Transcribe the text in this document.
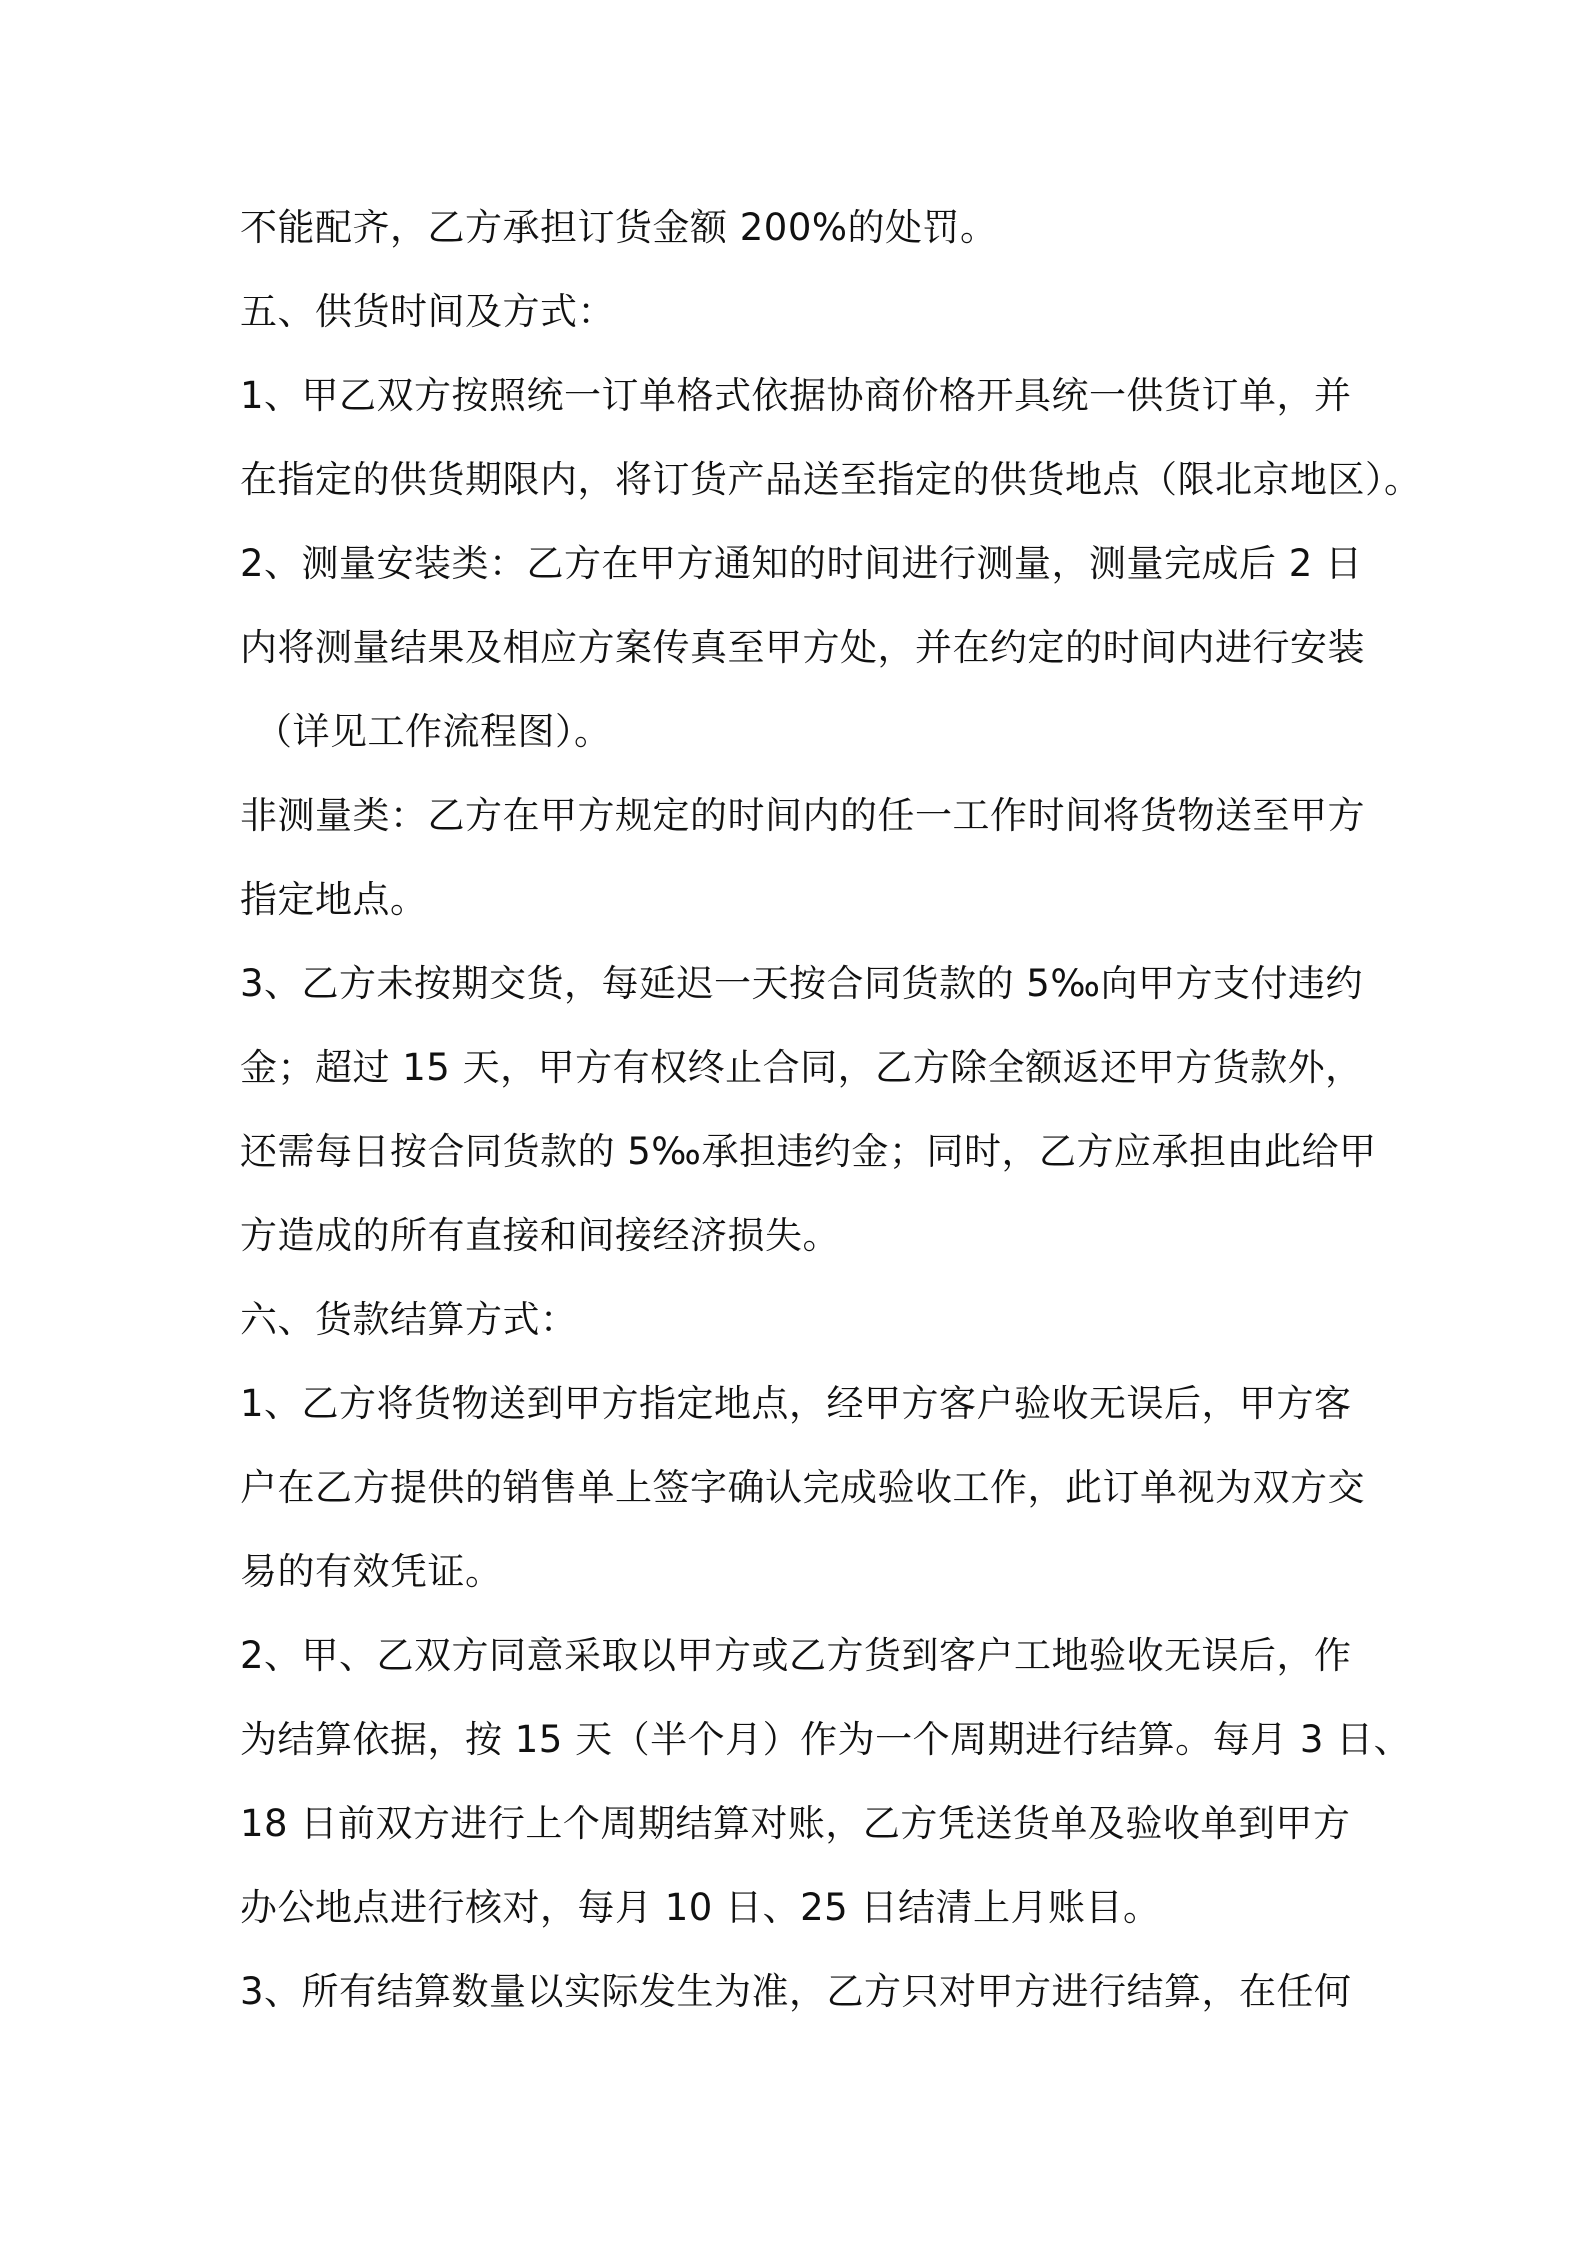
不能配齐，乙方承担订货金额 200%的处罚。
五、供货时间及方式：
1、甲乙双方按照统一订单格式依据协商价格开具统一供货订单，并
在指定的供货期限内，将订货产品送至指定的供货地点（限北京地区）。
2、测量安装类：乙方在甲方通知的时间进行测量，测量完成后 2 日
内将测量结果及相应方案传真至甲方处，并在约定的时间内进行安装
（详见工作流程图）。
非测量类：乙方在甲方规定的时间内的任一工作时间将货物送至甲方
指定地点。
3、乙方未按期交货，每延迟一天按合同货款的 5‰向甲方支付违约
金；超过 15 天，甲方有权终止合同，乙方除全额返还甲方货款外，
还需每日按合同货款的 5‰承担违约金；同时，乙方应承担由此给甲
方造成的所有直接和间接经济损失。
六、货款结算方式：
1、乙方将货物送到甲方指定地点，经甲方客户验收无误后，甲方客
户在乙方提供的销售单上签字确认完成验收工作，此订单视为双方交
易的有效凭证。
2、甲、乙双方同意采取以甲方或乙方货到客户工地验收无误后，作
为结算依据，按 15 天（半个月）作为一个周期进行结算。每月 3 日、
18 日前双方进行上个周期结算对账，乙方凭送货单及验收单到甲方
办公地点进行核对，每月 10 日、25 日结清上月账目。
3、所有结算数量以实际发生为准，乙方只对甲方进行结算，在任何
